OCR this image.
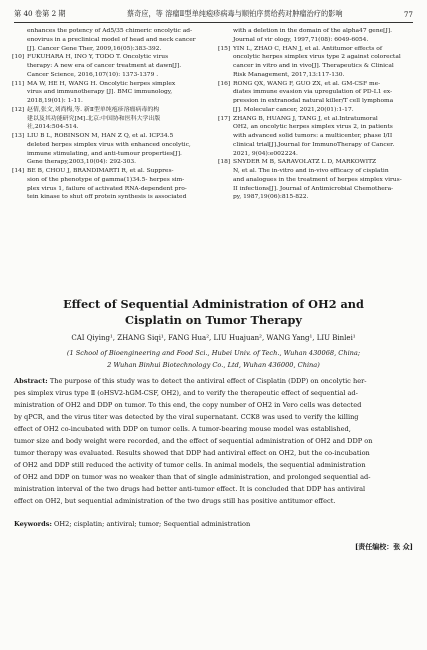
第 40 卷第 2 期	蔡奇应，等 溶瘤Ⅱ型单纯疱疹病毒与顺铂序贯给药对肿瘤治疗的影响	77
enhances the potency of Ad5/35 chimeric oncolytic ad-
enovirus in a preclinical model of head and neck cancer
[J]. Cancer Gene Ther, 2009,16(05):383-392.
[10] FUKUHARA H, INO Y, TODO T. Oncolytic virus
therapy: A new era of cancer treatment at dawn[J].
Cancer Science, 2016,107(10): 1373-1379 .
[11] MA W, HE H, WANG H. Oncolytic herpes simplex
virus and immunotherapy [J]. BMC immunology,
2018,19(01): 1-11.
[12] 赵倩,张文,刘尚梅,等. 新Ⅱ型单纯疱疹溶瘤病毒的构
建以及其功能研究[M].北京:中国协和医科大学出版
社,2014:504-514.
[13] LIU B L, ROBINSON M, HAN Z Q, et al. ICP34.5
deleted herpes simplex virus with enhanced oncolytic,
immune stimulating, and anti-tumour properties[J].
Gene therapy,2003,10(04): 292-303.
[14] BE B, CHOU J, BRANDIMARTI R, et al. Suppres-
sion of the phenotype of gamma(1)34.5- herpes sim-
plex virus 1, failure of activated RNA-dependent pro-
tein kinase to shut off protein synthesis is associated
with a deletion in the domain of the alpha47 gene[J].
Journal of vir ology, 1997,71(08): 6049-6054.
[15] YIN L, ZHAO C, HAN J, et al. Antitumor effects of
oncolytic herpes simplex virus type 2 against colorectal
cancer in vitro and in vivo[J]. Therapeutics & Clinical
Risk Management, 2017,13:117-130.
[16] RONG QX, WANG F, GUO ZX, et al. GM-CSF me-
diates immune evasion via upregulation of PD-L1 ex-
pression in extranodal natural killer/T cell lymphoma
[J]. Molecular cancer, 2021,20(01):1-17.
[17] ZHANG B, HUANG J, TANG J, et al.Intratumoral
OH2, an oncolytic herpes simplex virus 2, in patients
with advanced solid tumors: a multicenter, phase I/II
clinical trial[J].Journal for ImmunoTherapy of Cancer.
2021, 9(04):e002224.
[18] SNYDER M B, SARAVOLATZ L D, MARKOWITZ
N, et al. The in-vitro and in-vivo efficacy of cisplatin
and analogues in the treatment of herpes simplex virus-
II infections[J]. Journal of Antimicrobial Chemothera-
py, 1987,19(06):815-822.
Effect of Sequential Administration of OH2 and
Cisplatin on Tumor Therapy
CAI Qiying¹, ZHANG Siqi¹, FANG Hua², LIU Huajuan², WANG Yang¹, LIU Binlei¹
(1 School of Bioengineering and Food Sci., Hubei Univ. of Tech., Wuhan 430068, China;
2 Wuhan Binhui Biotechnology Co., Ltd, Wuhan 436000, China)
Abstract: The purpose of this study was to detect the antiviral effect of Cisplatin (DDP) on oncolytic her-
pes simplex virus type Ⅱ (oHSV2-hGM-CSF, OH2), and to verify the therapeutic effect of sequential ad-
ministration of OH2 and DDP on tumor. To this end, the copy number of OH2 in Vero cells was detected
by qPCR, and the virus titer was detected by the viral supernatant. CCK8 was used to verify the killing
effect of OH2 co-incubated with DDP on tumor cells. A tumor-bearing mouse model was established,
tumor size and body weight were recorded, and the effect of sequential administration of OH2 and DDP on
tumor therapy was evaluated. Results showed that DDP had antiviral effect on OH2, but the co-incubation
of OH2 and DDP still reduced the activity of tumor cells. In animal models, the sequential administration
of OH2 and DDP on tumor was no weaker than that of single administration, and prolonged sequential ad-
ministration interval of the two drugs had better anti-tumor effect. It is concluded that DDP has antiviral
effect on OH2, but sequential administration of the two drugs still has positive antitumor effect.
Keywords: OH2; cisplatin; antiviral; tumor; Sequential administration
[责任编校：张 众]
